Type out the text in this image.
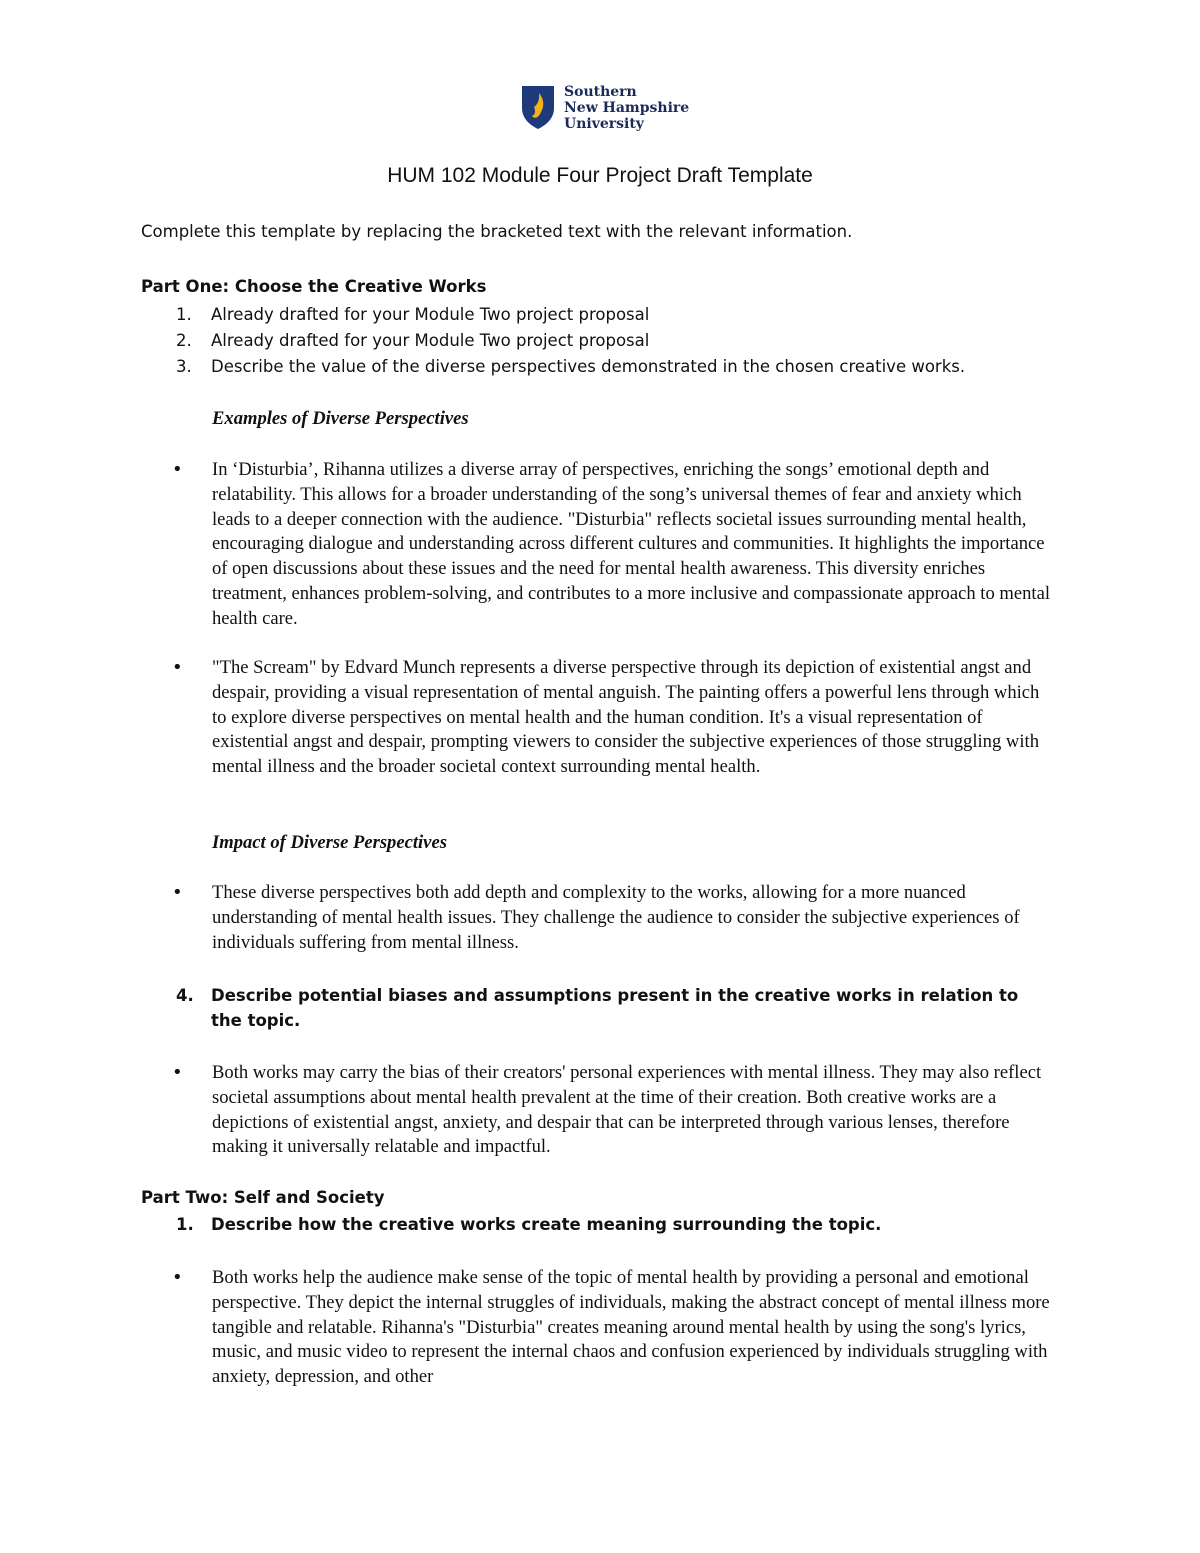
Southern
New Hampshire
University
HUM 102 Module Four Project Draft Template
Complete this template by replacing the bracketed text with the relevant information.
Part One: Choose the Creative Works
1.	Already drafted for your Module Two project proposal
2.	Already drafted for your Module Two project proposal
3.	Describe the value of the diverse perspectives demonstrated in the chosen creative works.
Examples of Diverse Perspectives
• In ‘Disturbia’, Rihanna utilizes a diverse array of perspectives, enriching the songs’ emotional depth and relatability. This allows for a broader understanding of the song’s universal themes of fear and anxiety which leads to a deeper connection with the audience. "Disturbia" reflects societal issues surrounding mental health, encouraging dialogue and understanding across different cultures and communities. It highlights the importance of open discussions about these issues and the need for mental health awareness. This diversity enriches treatment, enhances problem-solving, and contributes to a more inclusive and compassionate approach to mental health care.
• "The Scream" by Edvard Munch represents a diverse perspective through its depiction of existential angst and despair, providing a visual representation of mental anguish. The painting offers a powerful lens through which to explore diverse perspectives on mental health and the human condition. It's a visual representation of existential angst and despair, prompting viewers to consider the subjective experiences of those struggling with mental illness and the broader societal context surrounding mental health.
Impact of Diverse Perspectives
• These diverse perspectives both add depth and complexity to the works, allowing for a more nuanced understanding of mental health issues. They challenge the audience to consider the subjective experiences of individuals suffering from mental illness.
4.	Describe potential biases and assumptions present in the creative works in relation to the topic.
• Both works may carry the bias of their creators' personal experiences with mental illness. They may also reflect societal assumptions about mental health prevalent at the time of their creation. Both creative works are a depictions of existential angst, anxiety, and despair that can be interpreted through various lenses, therefore making it universally relatable and impactful.
Part Two: Self and Society
1.	Describe how the creative works create meaning surrounding the topic.
• Both works help the audience make sense of the topic of mental health by providing a personal and emotional perspective. They depict the internal struggles of individuals, making the abstract concept of mental illness more tangible and relatable. Rihanna's "Disturbia" creates meaning around mental health by using the song's lyrics, music, and music video to represent the internal chaos and confusion experienced by individuals struggling with anxiety, depression, and other
